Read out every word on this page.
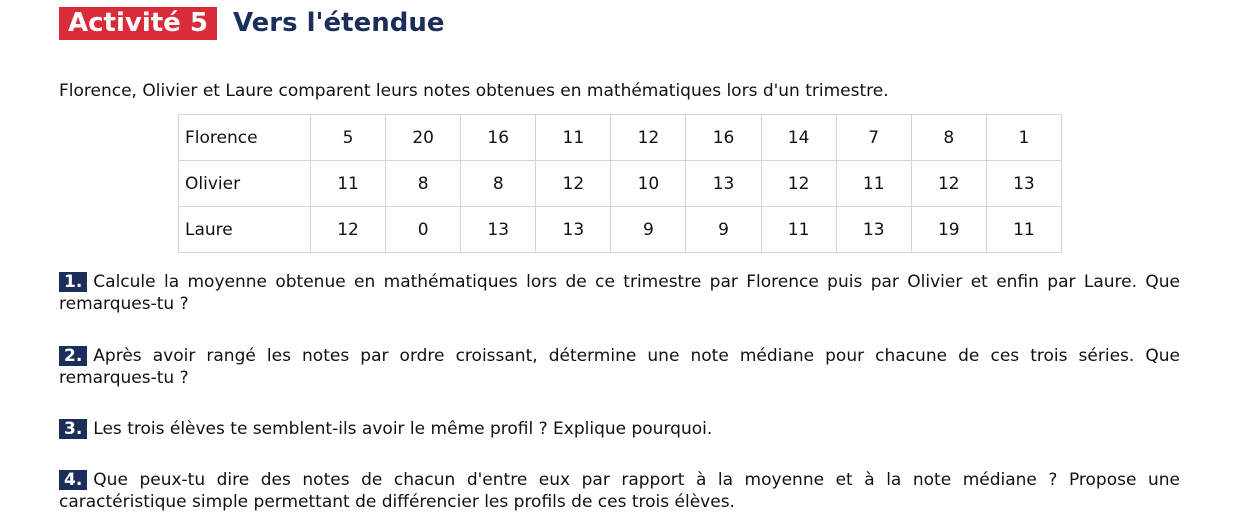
Activité 5 Vers l'étendue

Florence, Olivier et Laure comparent leurs notes obtenues en mathématiques lors d'un trimestre.

Florence	5	20	16	11	12	16	14	7	8	1
Olivier	11	8	8	12	10	13	12	11	12	13
Laure	12	0	13	13	9	9	11	13	19	11

1. Calcule la moyenne obtenue en mathématiques lors de ce trimestre par Florence puis par Olivier et enfin par Laure. Que remarques-tu ?

2. Après avoir rangé les notes par ordre croissant, détermine une note médiane pour chacune de ces trois séries. Que remarques-tu ?

3. Les trois élèves te semblent-ils avoir le même profil ? Explique pourquoi.

4. Que peux-tu dire des notes de chacun d'entre eux par rapport à la moyenne et à la note médiane ? Propose une caractéristique simple permettant de différencier les profils de ces trois élèves.
